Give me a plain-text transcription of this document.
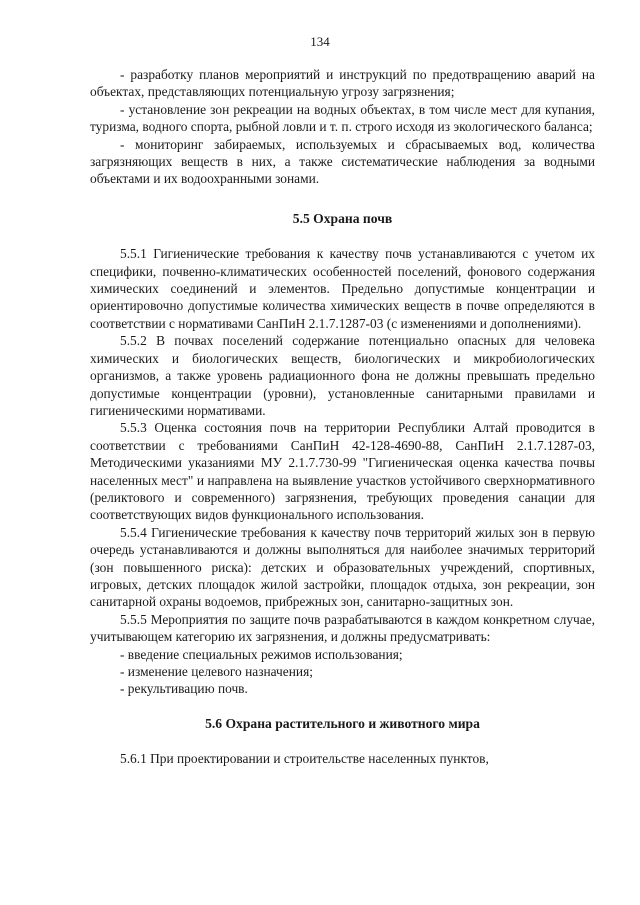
134

- разработку планов мероприятий и инструкций по предотвращению аварий на объектах, представляющих потенциальную угрозу загрязнения;

- установление зон рекреации на водных объектах, в том числе мест для купания, туризма, водного спорта, рыбной ловли и т. п. строго исходя из экологического баланса;

- мониторинг забираемых, используемых и сбрасываемых вод, количества загрязняющих веществ в них, а также систематические наблюдения за водными объектами и их водоохранными зонами.

5.5 Охрана почв

5.5.1 Гигиенические требования к качеству почв устанавливаются с учетом их специфики, почвенно-климатических особенностей поселений, фонового содержания химических соединений и элементов. Предельно допустимые концентрации и ориентировочно допустимые количества химических веществ в почве определяются в соответствии с нормативами СанПиН 2.1.7.1287-03 (с изменениями и дополнениями).

5.5.2 В почвах поселений содержание потенциально опасных для человека химических и биологических веществ, биологических и микробиологических организмов, а также уровень радиационного фона не должны превышать предельно допустимые концентрации (уровни), установленные санитарными правилами и гигиеническими нормативами.

5.5.3 Оценка состояния почв на территории Республики Алтай проводится в соответствии с требованиями СанПиН 42-128-4690-88, СанПиН 2.1.7.1287-03, Методическими указаниями МУ 2.1.7.730-99 "Гигиеническая оценка качества почвы населенных мест" и направлена на выявление участков устойчивого сверхнормативного (реликтового и современного) загрязнения, требующих проведения санации для соответствующих видов функционального использования.

5.5.4 Гигиенические требования к качеству почв территорий жилых зон в первую очередь устанавливаются и должны выполняться для наиболее значимых территорий (зон повышенного риска): детских и образовательных учреждений, спортивных, игровых, детских площадок жилой застройки, площадок отдыха, зон рекреации, зон санитарной охраны водоемов, прибрежных зон, санитарно-защитных зон.

5.5.5 Мероприятия по защите почв разрабатываются в каждом конкретном случае, учитывающем категорию их загрязнения, и должны предусматривать:

- введение специальных режимов использования;

- изменение целевого назначения;

- рекультивацию почв.

5.6 Охрана растительного и животного мира

5.6.1 При проектировании и строительстве населенных пунктов,
